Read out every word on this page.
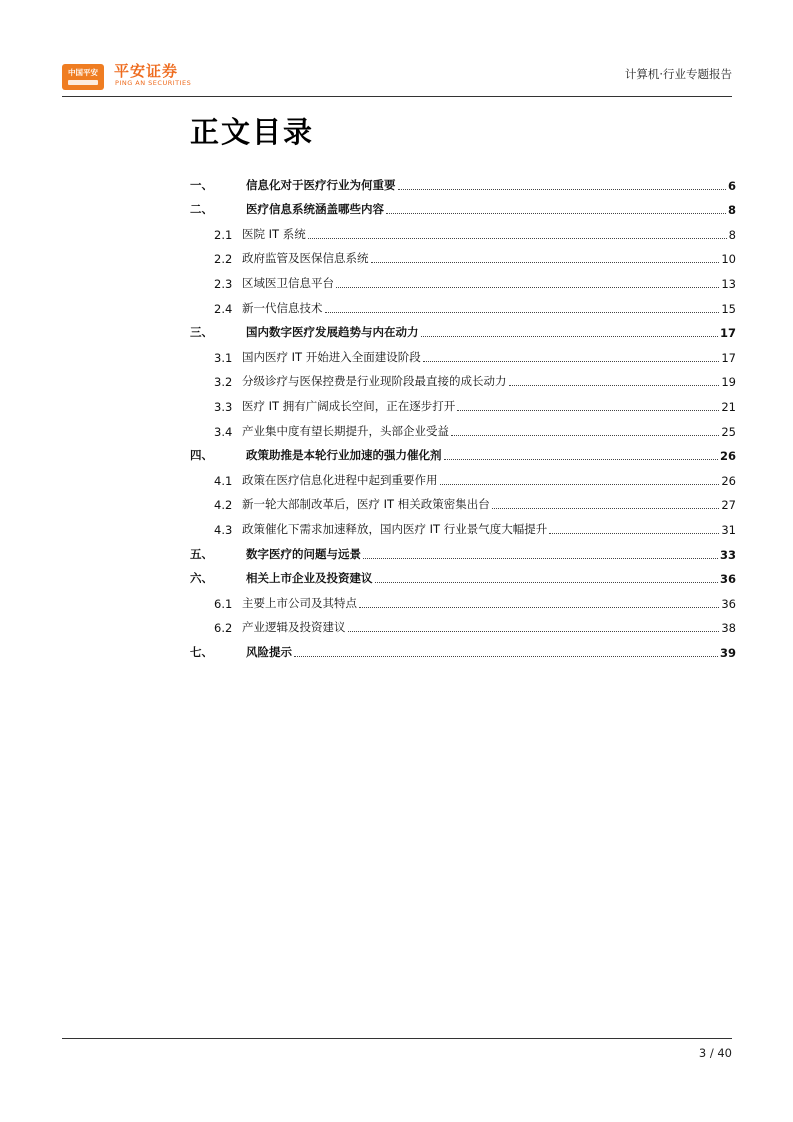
中国平安	平安证券
PING AN SECURITIES
计算机·行业专题报告
正文目录
一、	信息化对于医疗行业为何重要	6
二、	医疗信息系统涵盖哪些内容	8
2.1 医院 IT 系统	8
2.2 政府监管及医保信息系统	10
2.3 区域医卫信息平台	13
2.4 新一代信息技术	15
三、	国内数字医疗发展趋势与内在动力	17
3.1 国内医疗 IT 开始进入全面建设阶段	17
3.2 分级诊疗与医保控费是行业现阶段最直接的成长动力	19
3.3 医疗 IT 拥有广阔成长空间，正在逐步打开	21
3.4 产业集中度有望长期提升，头部企业受益	25
四、	政策助推是本轮行业加速的强力催化剂	26
4.1 政策在医疗信息化进程中起到重要作用	26
4.2 新一轮大部制改革后，医疗 IT 相关政策密集出台	27
4.3 政策催化下需求加速释放，国内医疗 IT 行业景气度大幅提升	31
五、	数字医疗的问题与远景	33
六、	相关上市企业及投资建议	36
6.1 主要上市公司及其特点	36
6.2 产业逻辑及投资建议	38
七、	风险提示	39
3 / 40
